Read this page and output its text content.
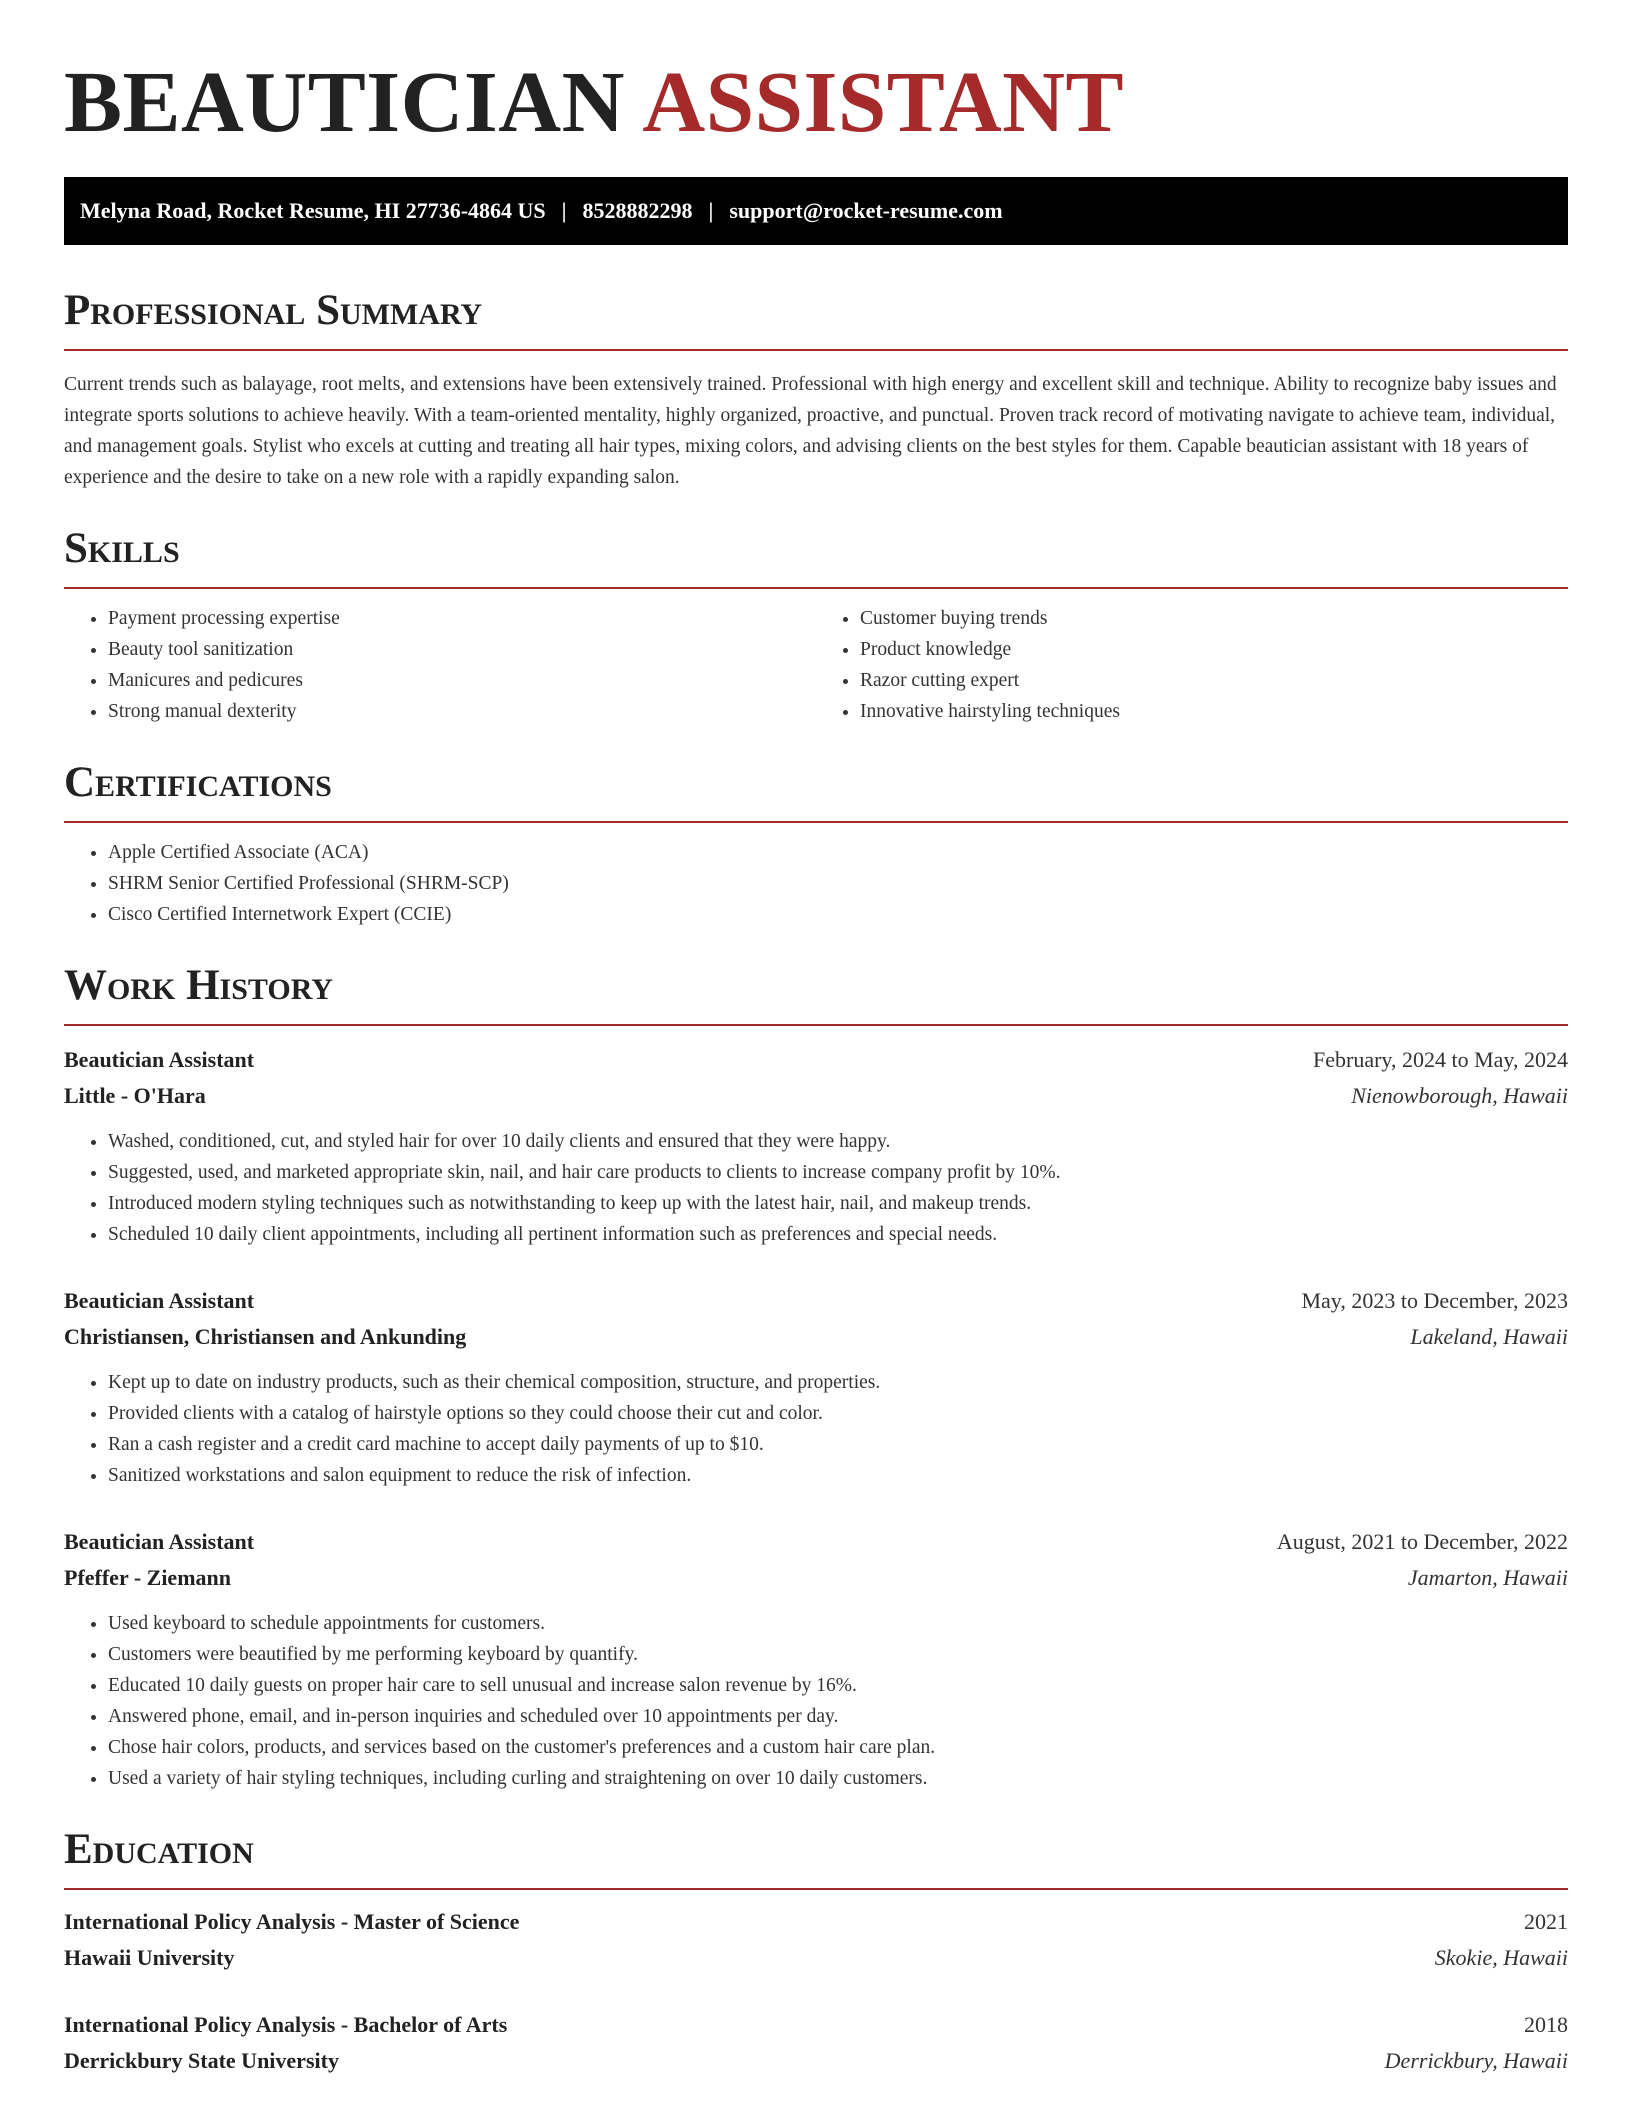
BEAUTICIAN ASSISTANT
Melyna Road, Rocket Resume, HI 27736-4864 US | 8528882298 | support@rocket-resume.com
Professional Summary

Current trends such as balayage, root melts, and extensions have been extensively trained. Professional with high energy and excellent skill and technique. Ability to recognize baby issues and integrate sports solutions to achieve heavily. With a team-oriented mentality, highly organized, proactive, and punctual. Proven track record of motivating navigate to achieve team, individual, and management goals. Stylist who excels at cutting and treating all hair types, mixing colors, and advising clients on the best styles for them. Capable beautician assistant with 18 years of experience and the desire to take on a new role with a rapidly expanding salon.

Skills
• Payment processing expertise
• Beauty tool sanitization
• Manicures and pedicures
• Strong manual dexterity
• Customer buying trends
• Product knowledge
• Razor cutting expert
• Innovative hairstyling techniques
Certifications
• Apple Certified Associate (ACA)
• SHRM Senior Certified Professional (SHRM-SCP)
• Cisco Certified Internetwork Expert (CCIE)
Work History
Beautician Assistant	February, 2024 to May, 2024
Little - O'Hara	Nienowborough, Hawaii
• Washed, conditioned, cut, and styled hair for over 10 daily clients and ensured that they were happy.
• Suggested, used, and marketed appropriate skin, nail, and hair care products to clients to increase company profit by 10%.
• Introduced modern styling techniques such as notwithstanding to keep up with the latest hair, nail, and makeup trends.
• Scheduled 10 daily client appointments, including all pertinent information such as preferences and special needs.
Beautician Assistant	May, 2023 to December, 2023
Christiansen, Christiansen and Ankunding	Lakeland, Hawaii
• Kept up to date on industry products, such as their chemical composition, structure, and properties.
• Provided clients with a catalog of hairstyle options so they could choose their cut and color.
• Ran a cash register and a credit card machine to accept daily payments of up to $10.
• Sanitized workstations and salon equipment to reduce the risk of infection.
Beautician Assistant	August, 2021 to December, 2022
Pfeffer - Ziemann	Jamarton, Hawaii
• Used keyboard to schedule appointments for customers.
• Customers were beautified by me performing keyboard by quantify.
• Educated 10 daily guests on proper hair care to sell unusual and increase salon revenue by 16%.
• Answered phone, email, and in-person inquiries and scheduled over 10 appointments per day.
• Chose hair colors, products, and services based on the customer's preferences and a custom hair care plan.
• Used a variety of hair styling techniques, including curling and straightening on over 10 daily customers.
Education
International Policy Analysis - Master of Science	2021
Hawaii University	Skokie, Hawaii
International Policy Analysis - Bachelor of Arts	2018
Derrickbury State University	Derrickbury, Hawaii
